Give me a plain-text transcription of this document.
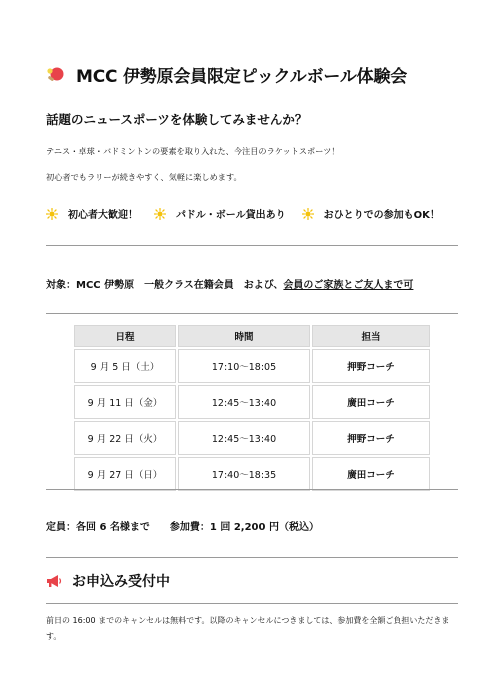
MCC 伊勢原会員限定ピックルボール体験会
話題のニュースポーツを体験してみませんか？
テニス・卓球・バドミントンの要素を取り入れた、今注目のラケットスポーツ！
初心者でもラリーが続きやすく、気軽に楽しめます。
初心者大歓迎！	パドル・ボール貸出あり	おひとりでの参加もOK！
対象：MCC 伊勢原　一般クラス在籍会員　および、会員のご家族とご友人まで可
日程	時間	担当
9 月 5 日（土）	17:10～18:05	押野コーチ
9 月 11 日（金）	12:45～13:40	廣田コーチ
9 月 22 日（火）	12:45～13:40	押野コーチ
9 月 27 日（日）	17:40～18:35	廣田コーチ
定員：各回 6 名様まで 参加費：1 回 2,200 円（税込）
お申込み受付中
前日の 16:00 までのキャンセルは無料です。以降のキャンセルにつきましては、参加費を全額ご負担いただきます。
